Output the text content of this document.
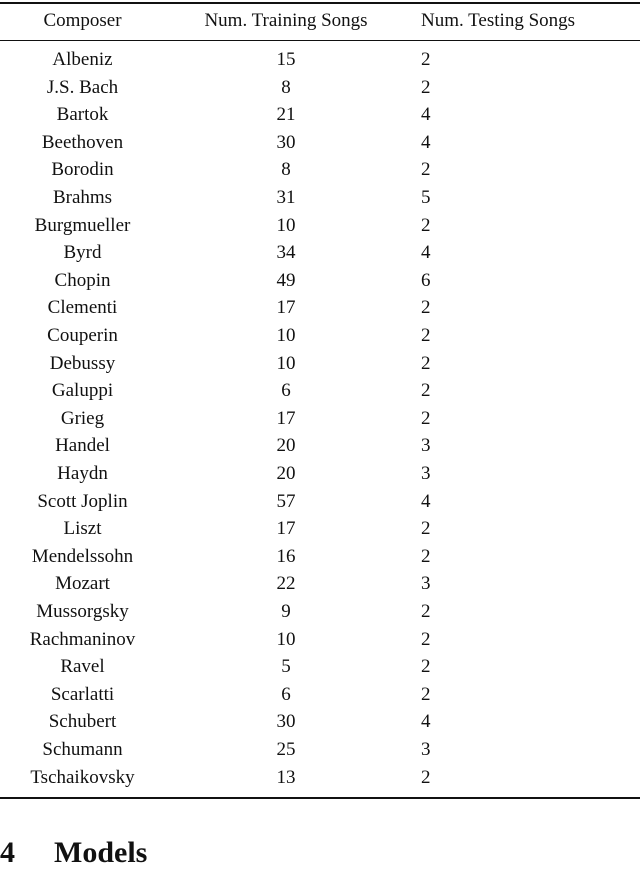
Composer	Num. Training Songs	Num. Testing Songs
Albeniz	15	2
J.S. Bach	8	2
Bartok	21	4
Beethoven	30	4
Borodin	8	2
Brahms	31	5
Burgmueller	10	2
Byrd	34	4
Chopin	49	6
Clementi	17	2
Couperin	10	2
Debussy	10	2
Galuppi	6	2
Grieg	17	2
Handel	20	3
Haydn	20	3
Scott Joplin	57	4
Liszt	17	2
Mendelssohn	16	2
Mozart	22	3
Mussorgsky	9	2
Rachmaninov	10	2
Ravel	5	2
Scarlatti	6	2
Schubert	30	4
Schumann	25	3
Tschaikovsky	13	2
4 Models
